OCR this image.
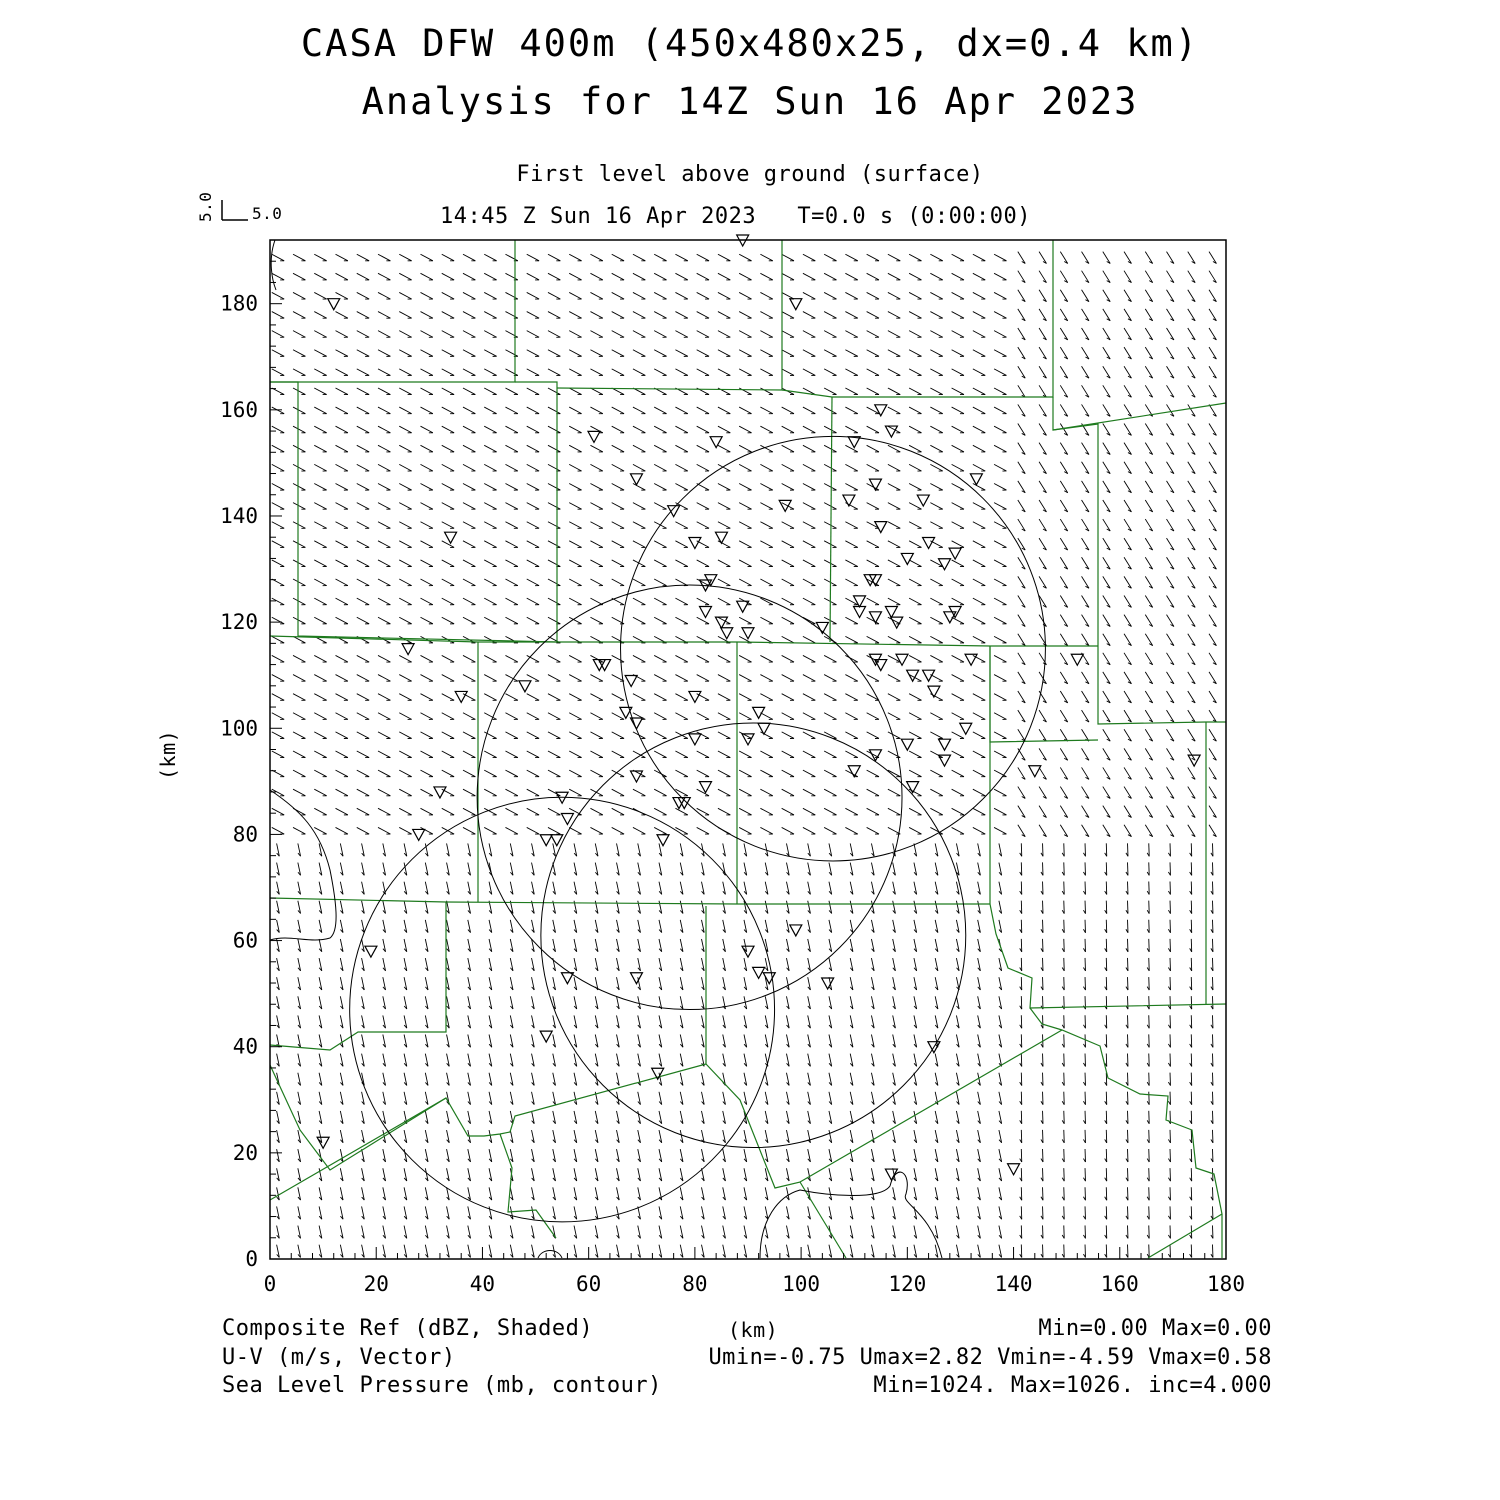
CASA DFW 400m (450x480x25, dx=0.4 km)
Analysis for 14Z Sun 16 Apr 2023
First level above ground (surface)
14:45 Z Sun 16 Apr 2023   T=0.0 s (0:00:00)
5.0
5.0
(km)
(km)
Composite Ref (dBZ, Shaded)	Min=0.00 Max=0.00
U-V (m/s, Vector)	Umin=-0.75 Umax=2.82 Vmin=-4.59 Vmax=0.58
Sea Level Pressure (mb, contour)	Min=1024. Max=1026. inc=4.000
0	20	40	60	80	100	120	140	160	180
0
20
40
60
80
100
120
140
160
180
